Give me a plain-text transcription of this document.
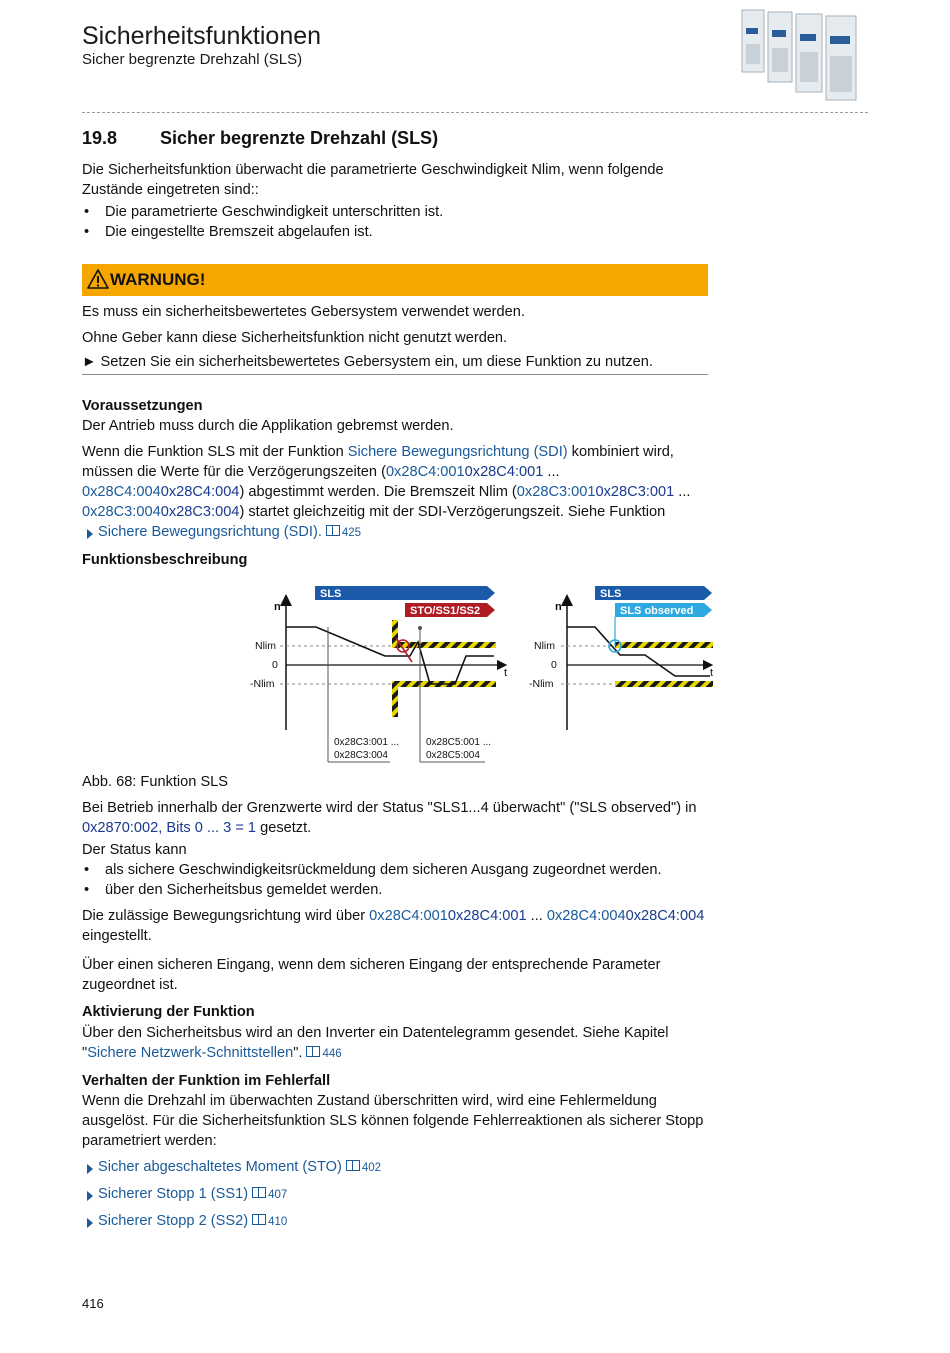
Sicherheitsfunktionen
Sicher begrenzte Drehzahl (SLS)
19.8 Sicher begrenzte Drehzahl (SLS)
Die Sicherheitsfunktion überwacht die parametrierte Geschwindigkeit Nlim, wenn folgende Zustände eingetreten sind::
• Die parametrierte Geschwindigkeit unterschritten ist.
• Die eingestellte Bremszeit abgelaufen ist.
WARNUNG!
Es muss ein sicherheitsbewertetes Gebersystem verwendet werden.
Ohne Geber kann diese Sicherheitsfunktion nicht genutzt werden.
► Setzen Sie ein sicherheitsbewertetes Gebersystem ein, um diese Funktion zu nutzen.
Voraussetzungen
Der Antrieb muss durch die Applikation gebremst werden.
Wenn die Funktion SLS mit der Funktion Sichere Bewegungsrichtung (SDI) kombiniert wird, müssen die Werte für die Verzögerungszeiten (0x28C4:0010x28C4:001 ... 0x28C4:0040x28C4:004) abgestimmt werden. Die Bremszeit Nlim (0x28C3:0010x28C3:001 ... 0x28C3:0040x28C3:004) startet gleichzeitig mit der SDI-Verzögerungszeit. Siehe Funktion
Sichere Bewegungsrichtung (SDI). 425
Funktionsbeschreibung
SLS
STO/SS1/SS2
n
t
Nlim
0
-Nlim
0x28C3:001 ...
0x28C3:004
0x28C5:001 ...
0x28C5:004
SLS
SLS observed
n
t
Nlim
0
-Nlim
Abb. 68: Funktion SLS
Bei Betrieb innerhalb der Grenzwerte wird der Status "SLS1...4 überwacht" ("SLS observed") in
0x2870:002, Bits 0 ... 3 = 1 gesetzt.
Der Status kann
• als sichere Geschwindigkeitsrückmeldung dem sicheren Ausgang zugeordnet werden.
• über den Sicherheitsbus gemeldet werden.
Die zulässige Bewegungsrichtung wird über 0x28C4:0010x28C4:001 ... 0x28C4:0040x28C4:004
eingestellt.
Über einen sicheren Eingang, wenn dem sicheren Eingang der entsprechende Parameter zugeordnet ist.
Aktivierung der Funktion
Über den Sicherheitsbus wird an den Inverter ein Datentelegramm gesendet. Siehe Kapitel
"Sichere Netzwerk-Schnittstellen". 446
Verhalten der Funktion im Fehlerfall
Wenn die Drehzahl im überwachten Zustand überschritten wird, wird eine Fehlermeldung ausgelöst. Für die Sicherheitsfunktion SLS können folgende Fehlerreaktionen als sicherer Stopp parametriert werden:
Sicher abgeschaltetes Moment (STO) 402
Sicherer Stopp 1 (SS1) 407
Sicherer Stopp 2 (SS2) 410
416
